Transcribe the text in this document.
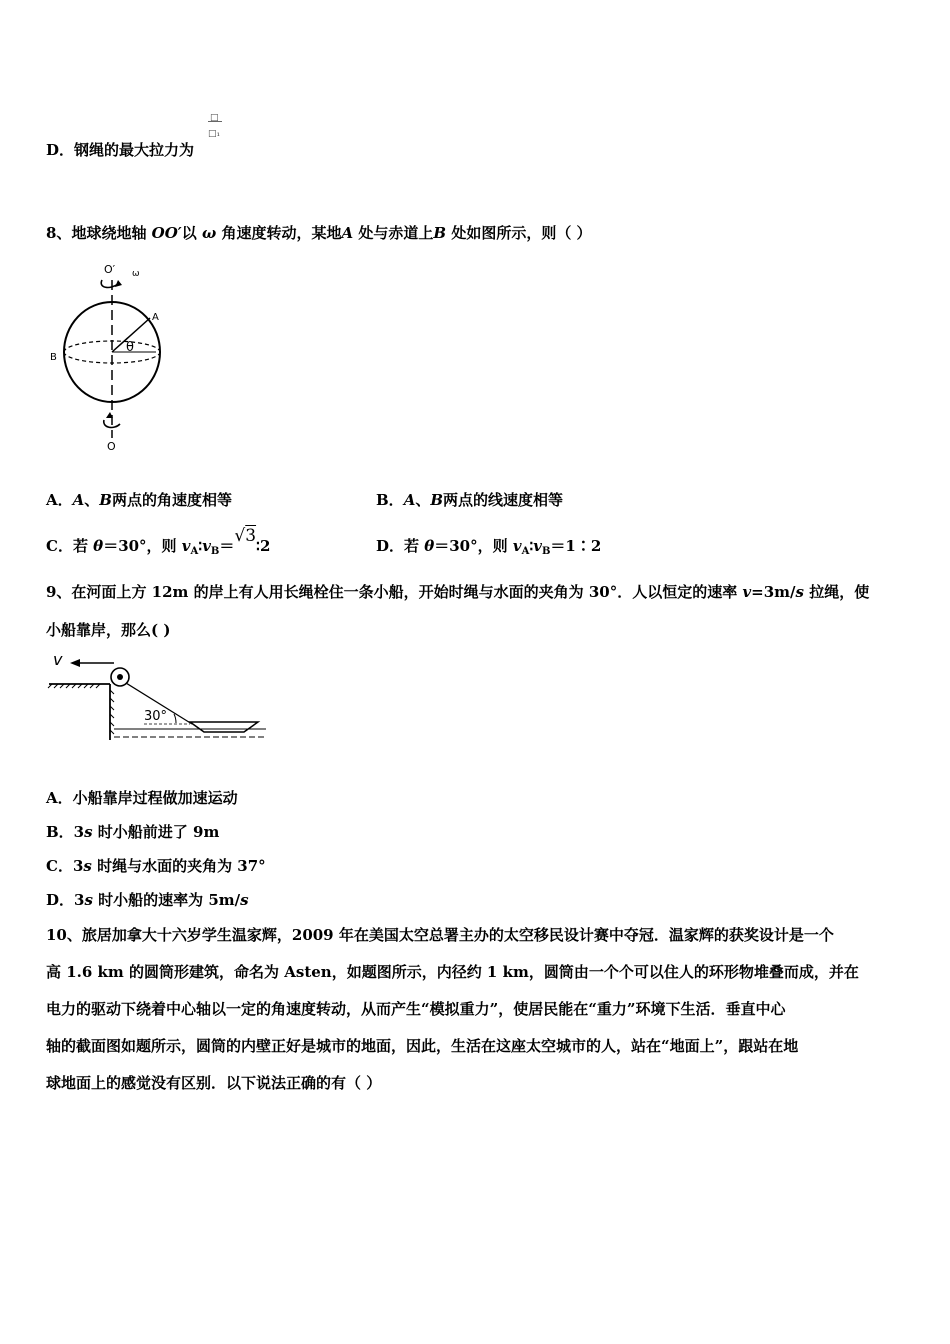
D．钢绳的最大拉力为
□
□₁
8、地球绕地轴 OO′以 ω 角速度转动，某地A 处与赤道上B 处如图所示，则（ ）
O′ ω
A
B
θ
O
A．A、B两点的角速度相等	B．A、B两点的线速度相等
C．若 θ＝30°，则 $v_A∶v_B=√3∶2$	D．若 θ＝30°，则 $v_A∶v_B=1∶2$
9、在河面上方 12m 的岸上有人用长绳栓住一条小船，开始时绳与水面的夹角为 30°．人以恒定的速率 v=3m/s 拉绳，使
小船靠岸，那么( )
v
30°
A．小船靠岸过程做加速运动
B．3s 时小船前进了 9m
C．3s 时绳与水面的夹角为 37°
D．3s 时小船的速率为 5m/s
10、旅居加拿大十六岁学生温家辉，2009 年在美国太空总署主办的太空移民设计赛中夺冠．温家辉的获奖设计是一个
高 1.6 km 的圆筒形建筑，命名为 Asten，如题图所示，内径约 1 km，圆筒由一个个可以住人的环形物堆叠而成，并在
电力的驱动下绕着中心轴以一定的角速度转动，从而产生“模拟重力”，使居民能在“重力”环境下生活．垂直中心
轴的截面图如题所示，圆筒的内壁正好是城市的地面，因此，生活在这座太空城市的人，站在“地面上”，跟站在地
球地面上的感觉没有区别．以下说法正确的有（ ）
